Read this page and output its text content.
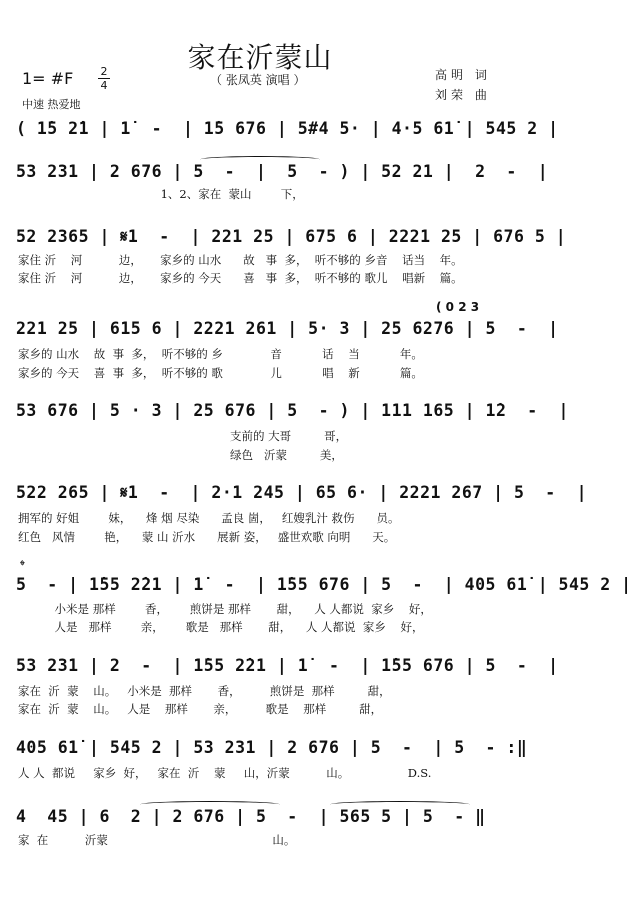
家在沂蒙山
（ 张凤英 演唱 ）	高明 词
刘荣 曲
1= #F 2
4
中速 热爱地
( 1̇5 2̇1 | 1̇  -  | 1̇5 676 | 5#4 5· | 4·5 61̇ | 545 2 |
53 231 | 2 676 | 5  -  |  5  - ) | 52 21 |  2  -  |
1、2、家在  蒙山        下，
52 2365 | 𝄋1  -  | 221 25 | 675 6 | 2221 25 | 676 5 |
家住 沂    河          边，     家乡的 山水      故   事  多，  听不够的 乡音    话当    年。
家住 沂    河          边，     家乡的 今天      喜   事  多，  听不够的 歌儿    唱新    篇。
( 0 2 3
221 25 | 615 6 | 2221 261 | 5· 3 | 25 6276 | 5  -  |
家乡的 山水    故  事  多，  听不够的 乡             音           话    当           年。
家乡的 今天    喜  事  多，  听不够的 歌             儿           唱    新           篇。
53 676 | 5 · 3 | 25 676 | 5  - ) | 111 165 | 1̇2  -  |
支前的 大哥         哥，
绿色   沂蒙         美，
522 265 | 𝄋1  -  | 2·1 245 | 65 6· | 2221 267 | 5  -  |
拥军的 好姐        妹，    烽 烟 尽染      孟良 崮，   红嫂乳汁 救伤      员。
红色   风情        艳，    蒙 山 沂水      展新 姿，   盛世欢歌 向明      天。
𝄌
5  - | 1̇55 2̇21 | 1̇  -  | 1̇55 676 | 5  -  | 405 61̇ | 545 2 |
小米是 那样        香，      煎饼是 那样       甜，    人 人都说  家乡    好，
人是   那样        亲，      歌是   那样       甜，    人 人都说  家乡    好，
53 231 | 2  -  | 1̇55 2̇21 | 1̇  -  | 1̇55 676 | 5  -  |
家在  沂  蒙    山。   小米是  那样       香，        煎饼是  那样         甜，
家在  沂  蒙    山。   人是    那样       亲，        歌是    那样         甜，
405 61̇ | 545 2 | 53 231 | 2 676 | 5  -  | 5  - :‖
人 人  都说     家乡  好，   家在  沂    蒙     山，沂蒙          山。                D.S.
4  45 | 6  2 | 2 676 | 5  -  | 565 5 | 5  - ‖
家  在          沂蒙                                             山。
